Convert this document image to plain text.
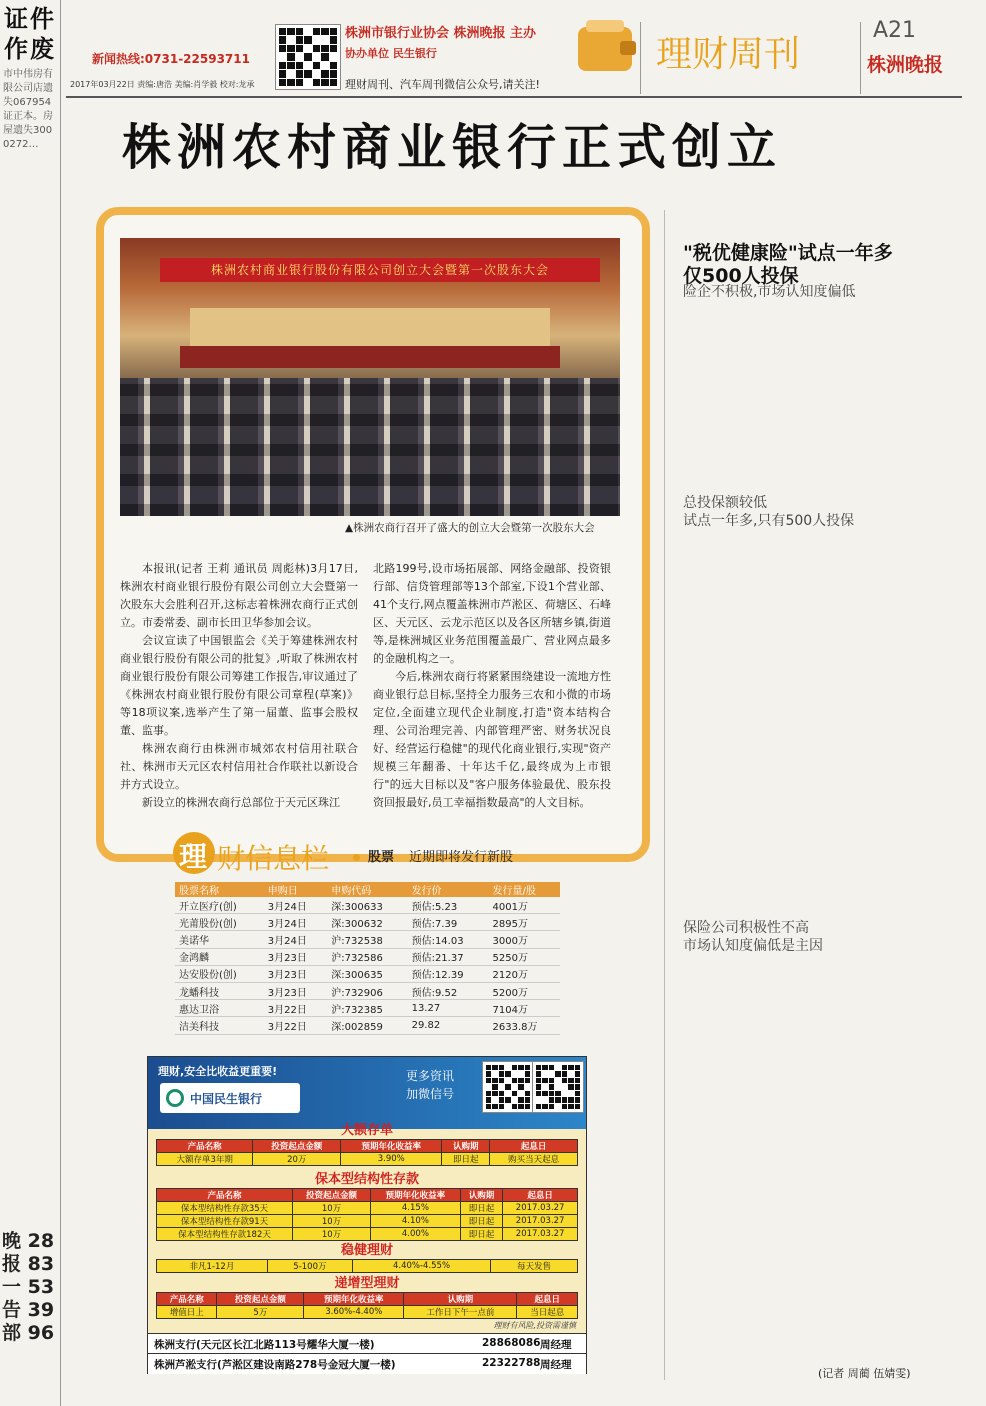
证件作废
市中伟房有限公司店遗失067954证正本。房屋遗失3000272…
晚 28
报 83
一 53
告 39
部 96
新闻热线:0731-22593711
2017年03月22日 责编:唐浩 美编:肖学毅 校对:龙承
株洲市银行业协会 株洲晚报 主办
协办单位 民生银行
理财周刊、汽车周刊微信公众号,请关注!
理财周刊
A21
株洲晚报
株洲农村商业银行正式创立
株洲农村商业银行股份有限公司创立大会暨第一次股东大会
▲株洲农商行召开了盛大的创立大会暨第一次股东大会

本报讯(记者 王莉 通讯员 周彪林)3月17日,株洲农村商业银行股份有限公司创立大会暨第一次股东大会胜利召开,这标志着株洲农商行正式创立。市委常委、副市长田卫华参加会议。

会议宣读了中国银监会《关于筹建株洲农村商业银行股份有限公司的批复》,听取了株洲农村商业银行股份有限公司筹建工作报告,审议通过了《株洲农村商业银行股份有限公司章程(草案)》等18项议案,选举产生了第一届董、监事会股权董、监事。

株洲农商行由株洲市城郊农村信用社联合社、株洲市天元区农村信用社合作联社以新设合并方式设立。

新设立的株洲农商行总部位于天元区珠江

北路199号,设市场拓展部、网络金融部、投资银行部、信贷管理部等13个部室,下设1个营业部、41个支行,网点覆盖株洲市芦淞区、荷塘区、石峰区、天元区、云龙示范区以及各区所辖乡镇,街道等,是株洲城区业务范围覆盖最广、营业网点最多的金融机构之一。

今后,株洲农商行将紧紧围绕建设一流地方性商业银行总目标,坚持全力服务三农和小微的市场定位,全面建立现代企业制度,打造"资本结构合理、公司治理完善、内部管理严密、财务状况良好、经营运行稳健"的现代化商业银行,实现"资产规模三年翻番、十年达千亿,最终成为上市银行"的远大目标以及"客户服务体验最优、股东投资回报最好,员工幸福指数最高"的人文目标。

理 财信息栏	股票 近期即将发行新股
股票名称	申购日	申购代码	发行价	发行量/股
开立医疗(创)	3月24日	深:300633	预估:5.23	4001万
光莆股份(创)	3月24日	深:300632	预估:7.39	2895万
美诺华	3月24日	沪:732538	预估:14.03	3000万
金鸿麟	3月23日	沪:732586	预估:21.37	5250万
达安股份(创)	3月23日	深:300635	预估:12.39	2120万
龙蟠科技	3月23日	沪:732906	预估:9.52	5200万
惠达卫浴	3月22日	沪:732385	13.27	7104万
洁美科技	3月22日	深:002859	29.82	2633.8万
理财,安全比收益更重要!
中国民生银行
更多资讯
加微信号
大额存单
产品名称	投资起点金额	预期年化收益率	认购期	起息日
大额存单3年期	20万	3.90%	即日起	购买当天起息
保本型结构性存款
产品名称	投资起点金额	预期年化收益率	认购期	起息日
保本型结构性存款35天	10万	4.15%	即日起	2017.03.27
保本型结构性存款91天	10万	4.10%	即日起	2017.03.27
保本型结构性存款182天	10万	4.00%	即日起	2017.03.27
稳健理财
非凡1-12月	5-100万	4.40%-4.55%	每天发售
递增型理财
产品名称	投资起点金额	预期年化收益率	认购期	起息日
增值日上	5万	3.60%-4.40%	工作日下午一点前	当日起息
理财有风险,投资需谨慎
株洲支行(天元区长江北路113号耀华大厦一楼)	28868086 周经理
株洲芦淞支行(芦淞区建设南路278号金冠大厦一楼)	22322788 周经理
"税优健康险"试点一年多
仅500人投保
险企不积极,市场认知度偏低
总投保额较低
试点一年多,只有500人投保
保险公司积极性不高
市场认知度偏低是主因
(记者 周蔺 伍婧雯)
